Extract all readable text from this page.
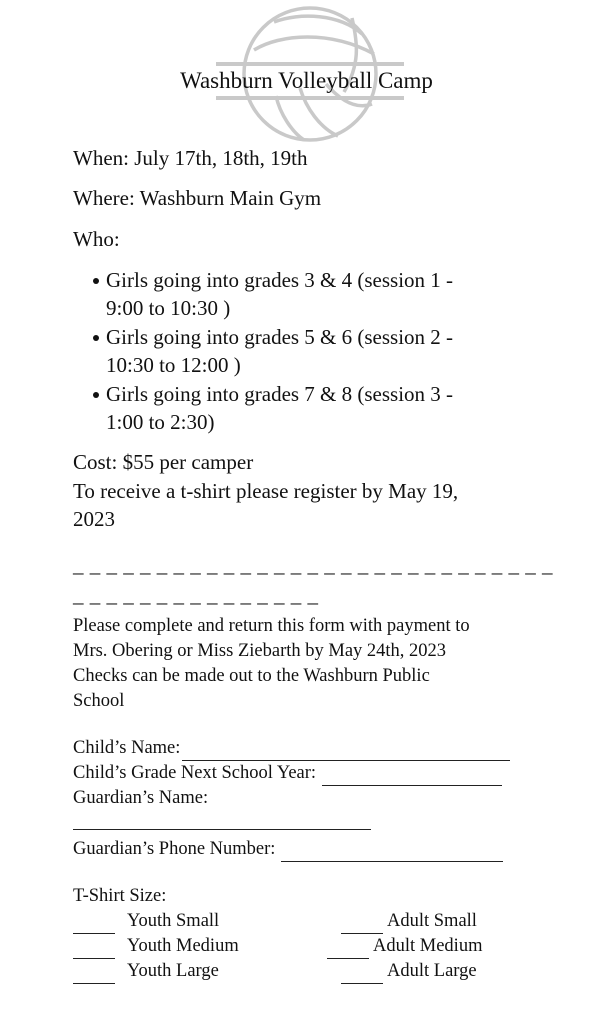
Washburn Volleyball Camp
When: July 17th, 18th, 19th
Where: Washburn Main Gym
Who:
Girls going into grades 3 & 4 (session 1 -
9:00 to 10:30 )
Girls going into grades 5 & 6 (session 2 -
10:30 to 12:00 )
Girls going into grades 7 & 8 (session 3 -
1:00 to 2:30)
Cost: $55 per camper
To receive a t-shirt please register by May 19,
2023
_ _ _ _ _ _ _ _ _ _ _ _ _ _ _ _ _ _ _ _ _ _ _ _ _ _ _ _ _
_ _ _ _ _ _ _ _ _ _ _ _ _ _ _
Please complete and return this form with payment to
Mrs. Obering or Miss Ziebarth by May 24th, 2023
Checks can be made out to the Washburn Public
School
Child’s Name:
Child’s Grade Next School Year:
Guardian’s Name:
Guardian’s Phone Number:
T-Shirt Size:
Youth Small
Youth Medium
Youth Large
Adult Small
Adult Medium
Adult Large
